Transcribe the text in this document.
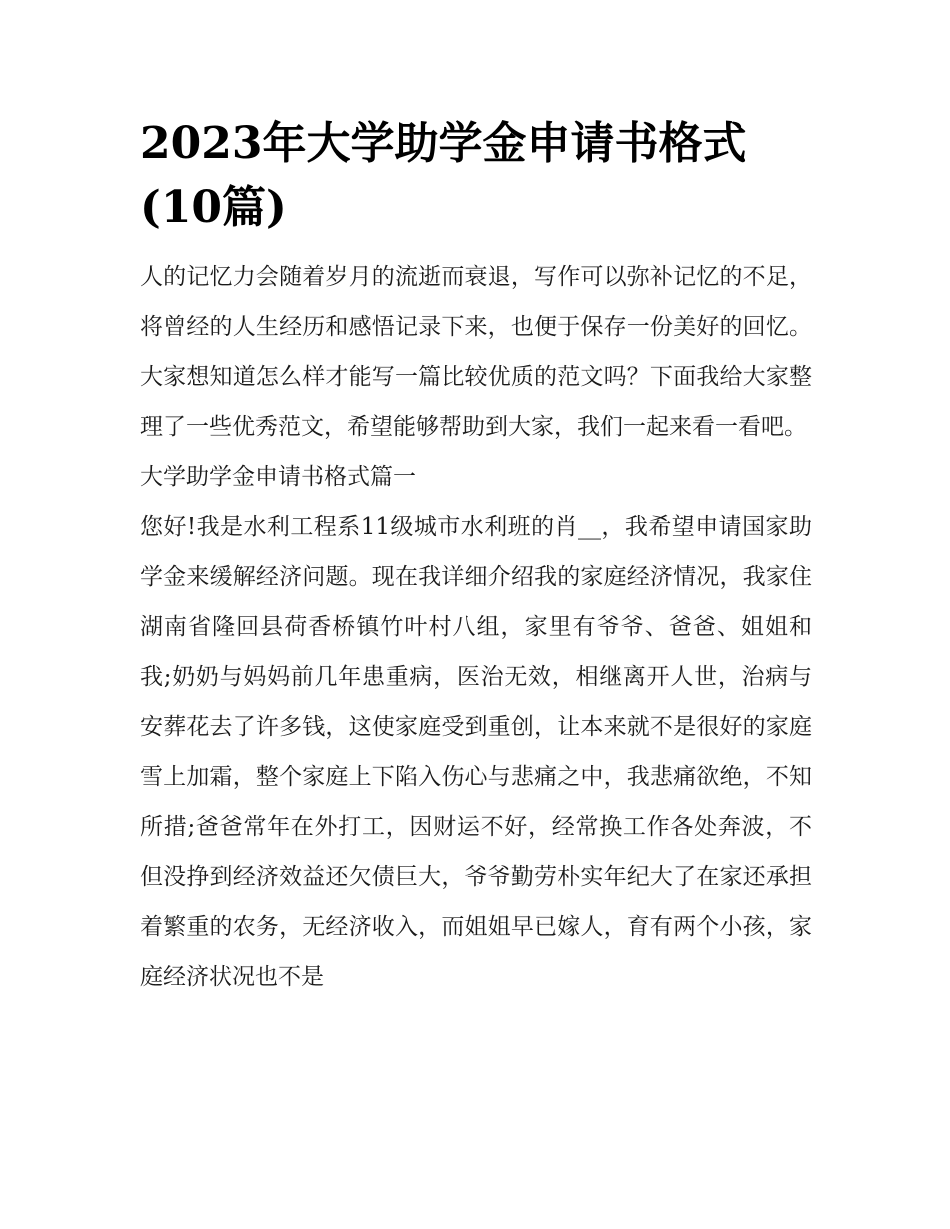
2023年大学助学金申请书格式(10篇)

人的记忆力会随着岁月的流逝而衰退，写作可以弥补记忆的不足，将曾经的人生经历和感悟记录下来，也便于保存一份美好的回忆。大家想知道怎么样才能写一篇比较优质的范文吗？下面我给大家整理了一些优秀范文，希望能够帮助到大家，我们一起来看一看吧。

大学助学金申请书格式篇一

您好!我是水利工程系11级城市水利班的肖__，我希望申请国家助学金来缓解经济问题。现在我详细介绍我的家庭经济情况，我家住湖南省隆回县荷香桥镇竹叶村八组，家里有爷爷、爸爸、姐姐和我;奶奶与妈妈前几年患重病，医治无效，相继离开人世，治病与安葬花去了许多钱，这使家庭受到重创，让本来就不是很好的家庭雪上加霜，整个家庭上下陷入伤心与悲痛之中，我悲痛欲绝，不知所措;爸爸常年在外打工，因财运不好，经常换工作各处奔波，不但没挣到经济效益还欠债巨大，爷爷勤劳朴实年纪大了在家还承担着繁重的农务，无经济收入，而姐姐早已嫁人，育有两个小孩，家庭经济状况也不是
